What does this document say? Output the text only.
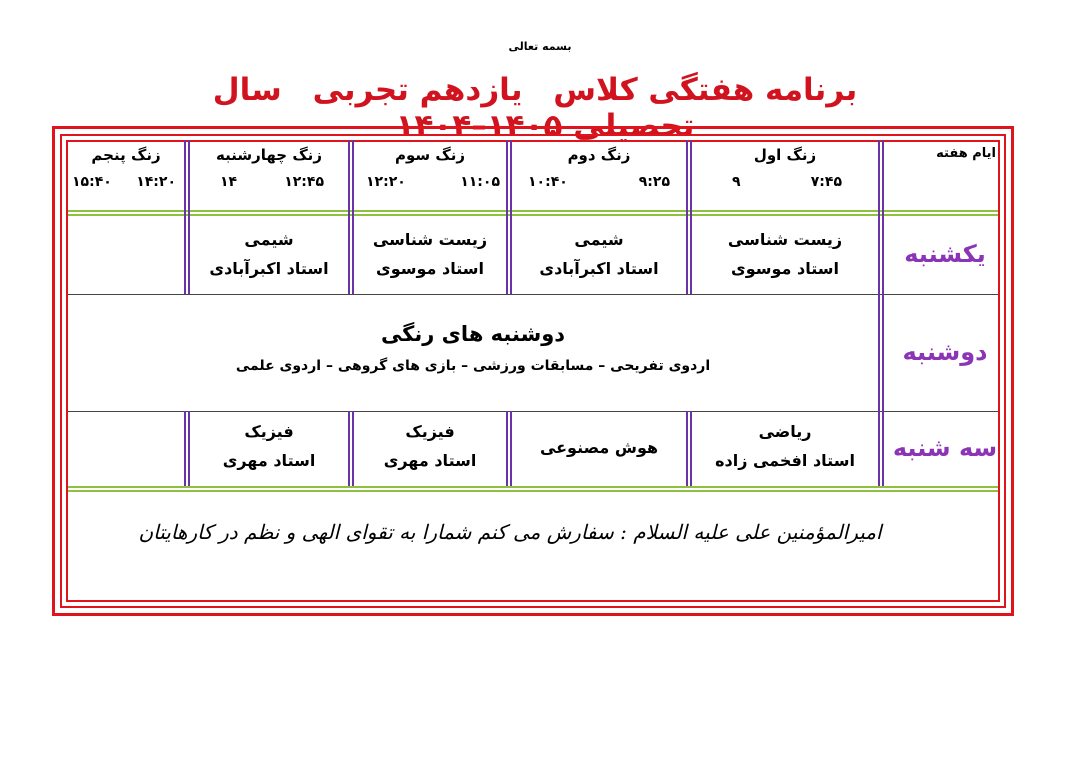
بسمه تعالی
برنامه هفتگی کلاس یازدهم تجربی سال تحصیلی ۱۴۰۵–۱۴۰۴
ایام هفته
زنگ اول
۷:۴۵
۹
زنگ دوم
۹:۲۵
۱۰:۴۰
زنگ سوم
۱۱:۰۵
۱۲:۲۰
زنگ چهارشنبه
۱۲:۴۵
۱۴
زنگ پنجم
۱۴:۲۰
۱۵:۴۰
یکشنبه
زیست شناسی
استاد موسوی
شیمی
استاد اکبرآبادی
زیست شناسی
استاد موسوی
شیمی
استاد اکبرآبادی
دوشنبه
دوشنبه های رنگی
اردوی تفریحی – مسابقات ورزشی – بازی های گروهی – اردوی علمی
سه شنبه
ریاضی
استاد افخمی زاده
هوش مصنوعی
فیزیک
استاد مهری
فیزیک
استاد مهری
امیرالمؤمنین علی علیه السلام : سفارش می کنم شمارا به تقوای الهی و نظم در کارهایتان
